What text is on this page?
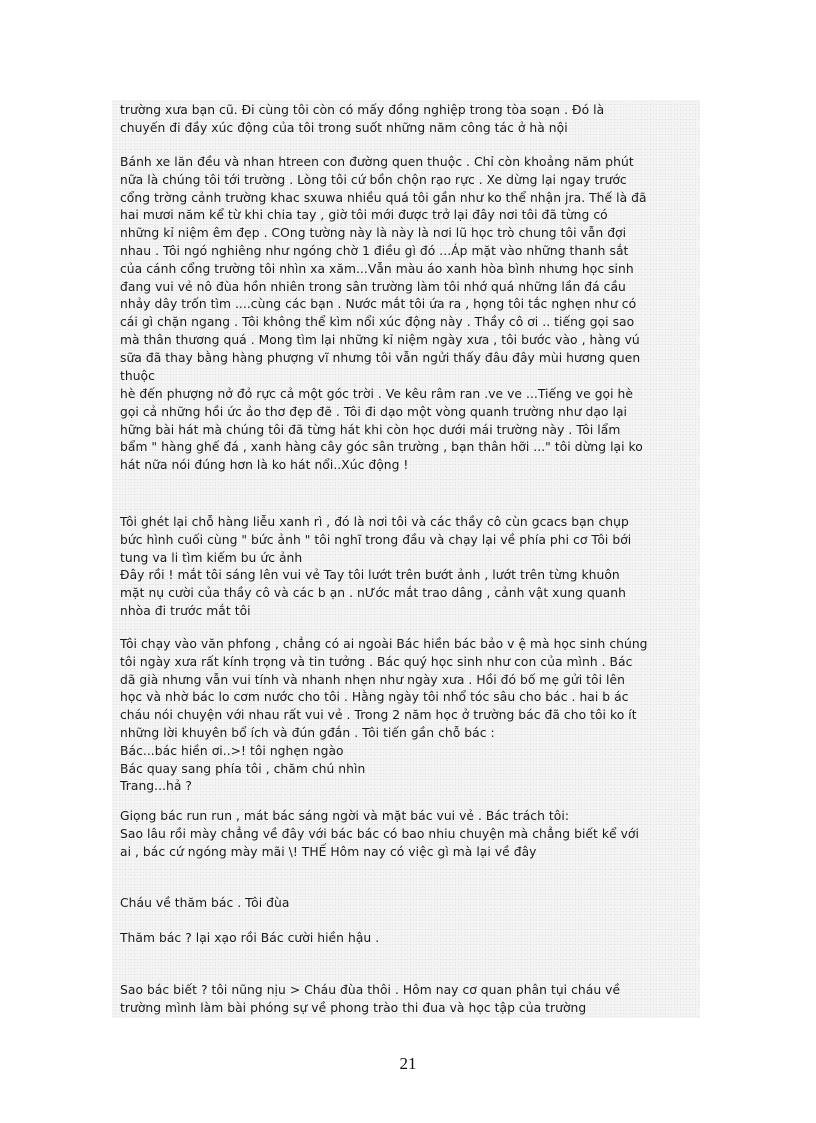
trường xưa bạn cũ. Đi cùng tôi còn có mấy đồng nghiệp trong tòa soạn . Đó là
chuyến đi đầy xúc động của tôi trong suốt những năm công tác ở hà nội
Bánh xe lăn đều và nhan htreen con đường quen thuộc . Chỉ còn khoảng năm phút
nữa là chúng tôi tới trường . Lòng tôi cứ bồn chộn rạo rực . Xe dừng lại ngay trước
cổng trờng cảnh trường khac sxuwa nhiều quá tôi gần như ko thể nhận jra. Thế là đã
hai mươi năm kể từ khi chia tay , giờ tôi mới được trở lại đây nơi tôi đã từng có
những kỉ niệm êm đẹp . COng tường này là này là nơi lũ học trò chung tôi vẫn đợi
nhau . Tôi ngó nghiêng như ngóng chờ 1 điều gì đó ...Áp mặt vào những thanh sắt
của cánh cổng trường tôi nhìn xa xăm...Vẫn màu áo xanh hòa bình nhưng học sinh
đang vui vẻ nô đùa hồn nhiên trong sân trường làm tôi nhớ quá những lần đá cầu
nhảy dây trốn tìm ....cùng các bạn . Nước mắt tôi ứa ra , họng tôi tắc nghẹn như có
cái gì chặn ngang . Tôi không thể kìm nổi xúc động này . Thầy cô ơi .. tiếng gọi sao
mà thân thương quá . Mong tìm lại những kỉ niệm ngày xưa , tôi bước vào , hàng vú
sữa đã thay bằng hàng phượng vĩ nhưng tôi vẫn ngửi thấy đâu đây mùi hương quen
thuộc
hè đến phượng nở đỏ rực cả một góc trời . Ve kêu râm ran .ve ve ...Tiếng ve gọi hè
gọi cả những hồi ức ảo thơ đẹp đẽ . Tôi đi dạo một vòng quanh trường như dạo lại
hững bài hát mà chúng tôi đã từng hát khi còn học dưới mái trường này . Tôi lẩm
bẩm " hàng ghế đá , xanh hàng cây góc sân trường , bạn thân hỡi ..." tôi dừng lại ko
hát nữa nói đúng hơn là ko hát nổi..Xúc động !
Tôi ghét lại chỗ hàng liễu xanh rì , đó là nơi tôi và các thầy cô cùn gcacs bạn chụp
bức hình cuối cùng " bức ảnh " tôi nghĩ trong đầu và chạy lại về phía phi cơ Tôi bới
tung va li tìm kiếm bu ức ảnh
Đây rồi ! mắt tôi sáng lên vui vẻ Tay tôi lướt trên bướt ảnh , lướt trên từng khuôn
mặt nụ cười của thầy cô và các b ạn . nƯớc mắt trao dâng , cảnh vật xung quanh
nhòa đi trước mắt tôi
Tôi chạy vào văn phfong , chẳng có ai ngoài Bác hiền bác bảo v ệ mà học sinh chúng
tôi ngày xưa rất kính trọng và tin tưởng . Bác quý học sinh như con của mình . Bác
dã già nhưng vẫn vui tính và nhanh nhẹn như ngày xưa . Hồi đó bố mẹ gửi tôi lên
học và nhờ bác lo cơm nước cho tôi . Hằng ngày tôi nhổ tóc sâu cho bác . hai b ác
cháu nói chuyện với nhau rất vui vẻ . Trong 2 năm học ở trường bác đã cho tôi ko ít
những lời khuyên bổ ích và đún gđắn . Tôi tiến gần chỗ bác :
Bác...bác hiền ơi..>! tôi nghẹn ngào
Bác quay sang phía tôi , chăm chú nhìn
Trang...hả ?
Giọng bác run run , mát bác sáng ngời và mặt bác vui vẻ . Bác trách tôi:
Sao lâu rồi mày chẳng về đây với bác bác có bao nhiu chuyện mà chẳng biết kể với
ai , bác cứ ngóng mày mãi \! THẾ Hôm nay có việc gì mà lại về đây
Cháu về thăm bác . Tôi đùa
Thăm bác ? lại xạo rồi Bác cười hiền hậu .
Sao bác biết ? tôi nũng nịu > Cháu đùa thôi . Hôm nay cơ quan phân tụi cháu về
trường mình làm bài phóng sự về phong trào thi đua và học tập của trường
21
